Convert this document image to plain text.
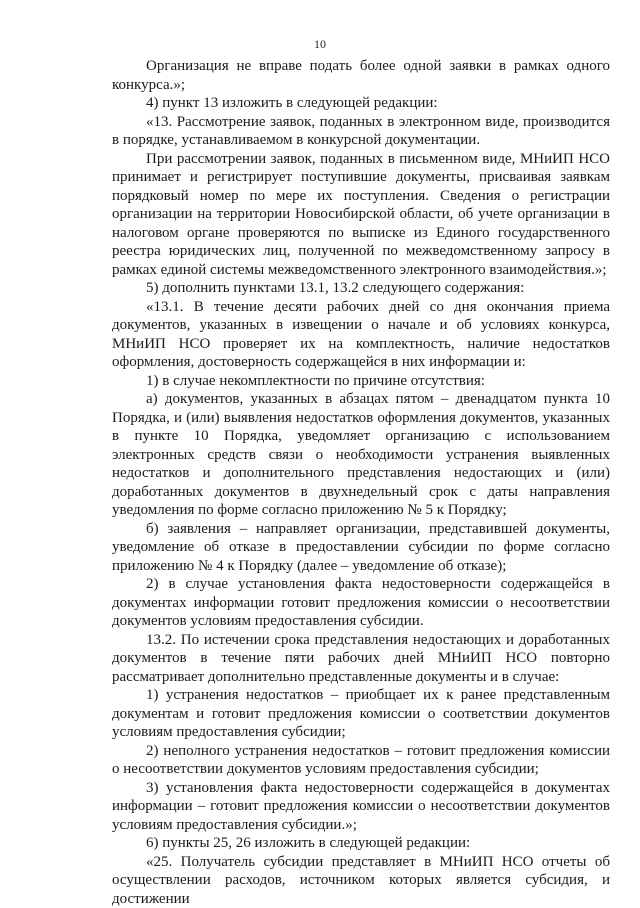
10

Организация не вправе подать более одной заявки в рамках одного конкурса.»;

4) пункт 13 изложить в следующей редакции:

«13. Рассмотрение заявок, поданных в электронном виде, производится в порядке, устанавливаемом в конкурсной документации.

При рассмотрении заявок, поданных в письменном виде, МНиИП НСО принимает и регистрирует поступившие документы, присваивая заявкам порядковый номер по мере их поступления. Сведения о регистрации организации на территории Новосибирской области, об учете организации в налоговом органе проверяются по выписке из Единого государственного реестра юридических лиц, полученной по межведомственному запросу в рамках единой системы межведомственного электронного взаимодействия.»;

5) дополнить пунктами 13.1, 13.2 следующего содержания:

«13.1. В течение десяти рабочих дней со дня окончания приема документов, указанных в извещении о начале и об условиях конкурса, МНиИП НСО проверяет их на комплектность, наличие недостатков оформления, достоверность содержащейся в них информации и:

1) в случае некомплектности по причине отсутствия:

а) документов, указанных в абзацах пятом – двенадцатом пункта 10 Порядка, и (или) выявления недостатков оформления документов, указанных в пункте 10 Порядка, уведомляет организацию с использованием электронных средств связи о необходимости устранения выявленных недостатков и дополнительного представления недостающих и (или) доработанных документов в двухнедельный срок с даты направления уведомления по форме согласно приложению № 5 к Порядку;

б) заявления – направляет организации, представившей документы, уведомление об отказе в предоставлении субсидии по форме согласно приложению № 4 к Порядку (далее – уведомление об отказе);

2) в случае установления факта недостоверности содержащейся в документах информации готовит предложения комиссии о несоответствии документов условиям предоставления субсидии.

13.2. По истечении срока представления недостающих и доработанных документов в течение пяти рабочих дней МНиИП НСО повторно рассматривает дополнительно представленные документы и в случае:

1) устранения недостатков – приобщает их к ранее представленным документам и готовит предложения комиссии о соответствии документов условиям предоставления субсидии;

2) неполного устранения недостатков – готовит предложения комиссии о несоответствии документов условиям предоставления субсидии;

3) установления факта недостоверности содержащейся в документах информации – готовит предложения комиссии о несоответствии документов условиям предоставления субсидии.»;

6) пункты 25, 26 изложить в следующей редакции:

«25. Получатель субсидии представляет в МНиИП НСО отчеты об осуществлении расходов, источником которых является субсидия, и достижении
